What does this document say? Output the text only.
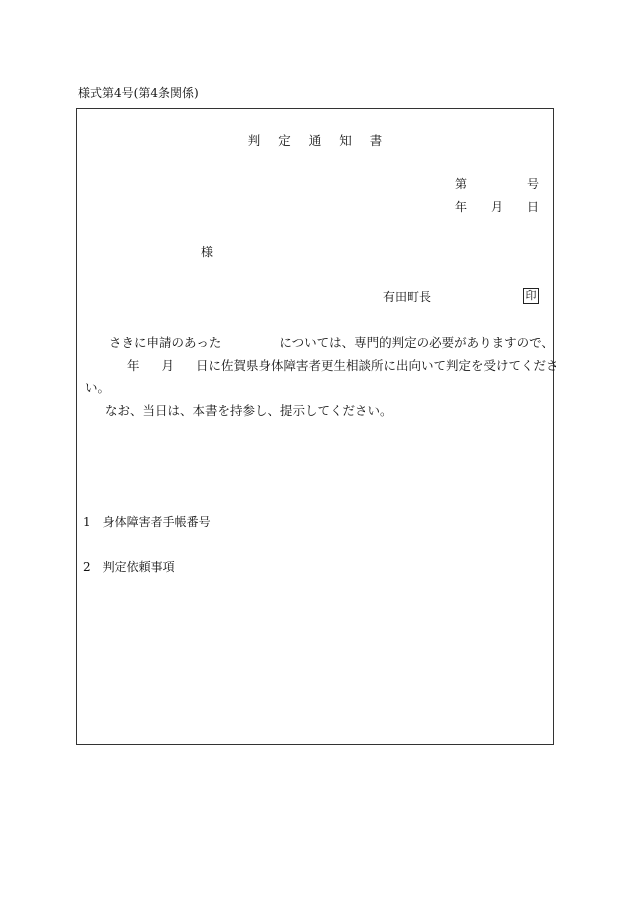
様式第4号(第4条関係)
判定通知書
第	号
年 月 日
様
有田町長	印
さきに申請のあった	については、専門的判定の必要がありますので、
年 月 日に佐賀県身体障害者更生相談所に出向いて判定を受けてくださ
い。
なお、当日は、本書を持参し、提示してください。
1 身体障害者手帳番号
2 判定依頼事項
